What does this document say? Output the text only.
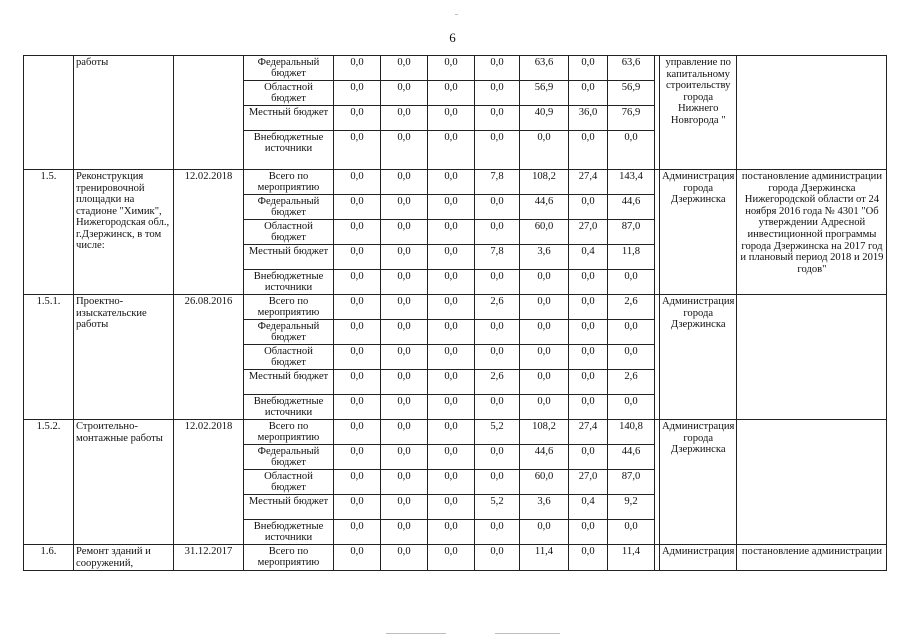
6
	работы		Федеральный бюджет	0,0	0,0	0,0	0,0	63,6	0,0	63,6		управление по капитальному строительству города Нижнего Новгорода "	
			Областной бюджет	0,0	0,0	0,0	0,0	56,9	0,0	56,9			
			Местный бюджет	0,0	0,0	0,0	0,0	40,9	36,0	76,9			
			Внебюджетные источники	0,0	0,0	0,0	0,0	0,0	0,0	0,0			
1.5.	Реконструкция тренировочной площадки на стадионе "Химик", Нижегородская обл., г.Дзержинск, в том числе:	12.02.2018	Всего по мероприятию	0,0	0,0	0,0	7,8	108,2	27,4	143,4		Администрация города Дзержинска	постановление администрации города Дзержинска Нижегородской области от 24 ноября 2016 года № 4301 "Об утверждении Адресной инвестиционной программы города Дзержинска на 2017 год и плановый период 2018 и 2019 годов"
			Федеральный бюджет	0,0	0,0	0,0	0,0	44,6	0,0	44,6			
			Областной бюджет	0,0	0,0	0,0	0,0	60,0	27,0	87,0			
			Местный бюджет	0,0	0,0	0,0	7,8	3,6	0,4	11,8			
			Внебюджетные источники	0,0	0,0	0,0	0,0	0,0	0,0	0,0			
1.5.1.	Проектно-изыскательские работы	26.08.2016	Всего по мероприятию	0,0	0,0	0,0	2,6	0,0	0,0	2,6		Администрация города Дзержинска	
			Федеральный бюджет	0,0	0,0	0,0	0,0	0,0	0,0	0,0			
			Областной бюджет	0,0	0,0	0,0	0,0	0,0	0,0	0,0			
			Местный бюджет	0,0	0,0	0,0	2,6	0,0	0,0	2,6			
			Внебюджетные источники	0,0	0,0	0,0	0,0	0,0	0,0	0,0			
1.5.2.	Строительно-монтажные работы	12.02.2018	Всего по мероприятию	0,0	0,0	0,0	5,2	108,2	27,4	140,8		Администрация города Дзержинска	
			Федеральный бюджет	0,0	0,0	0,0	0,0	44,6	0,0	44,6			
			Областной бюджет	0,0	0,0	0,0	0,0	60,0	27,0	87,0			
			Местный бюджет	0,0	0,0	0,0	5,2	3,6	0,4	9,2			
			Внебюджетные источники	0,0	0,0	0,0	0,0	0,0	0,0	0,0			
1.6.	Ремонт зданий и сооружений,	31.12.2017	Всего по мероприятию	0,0	0,0	0,0	0,0	11,4	0,0	11,4		Администрация	постановление администрации
